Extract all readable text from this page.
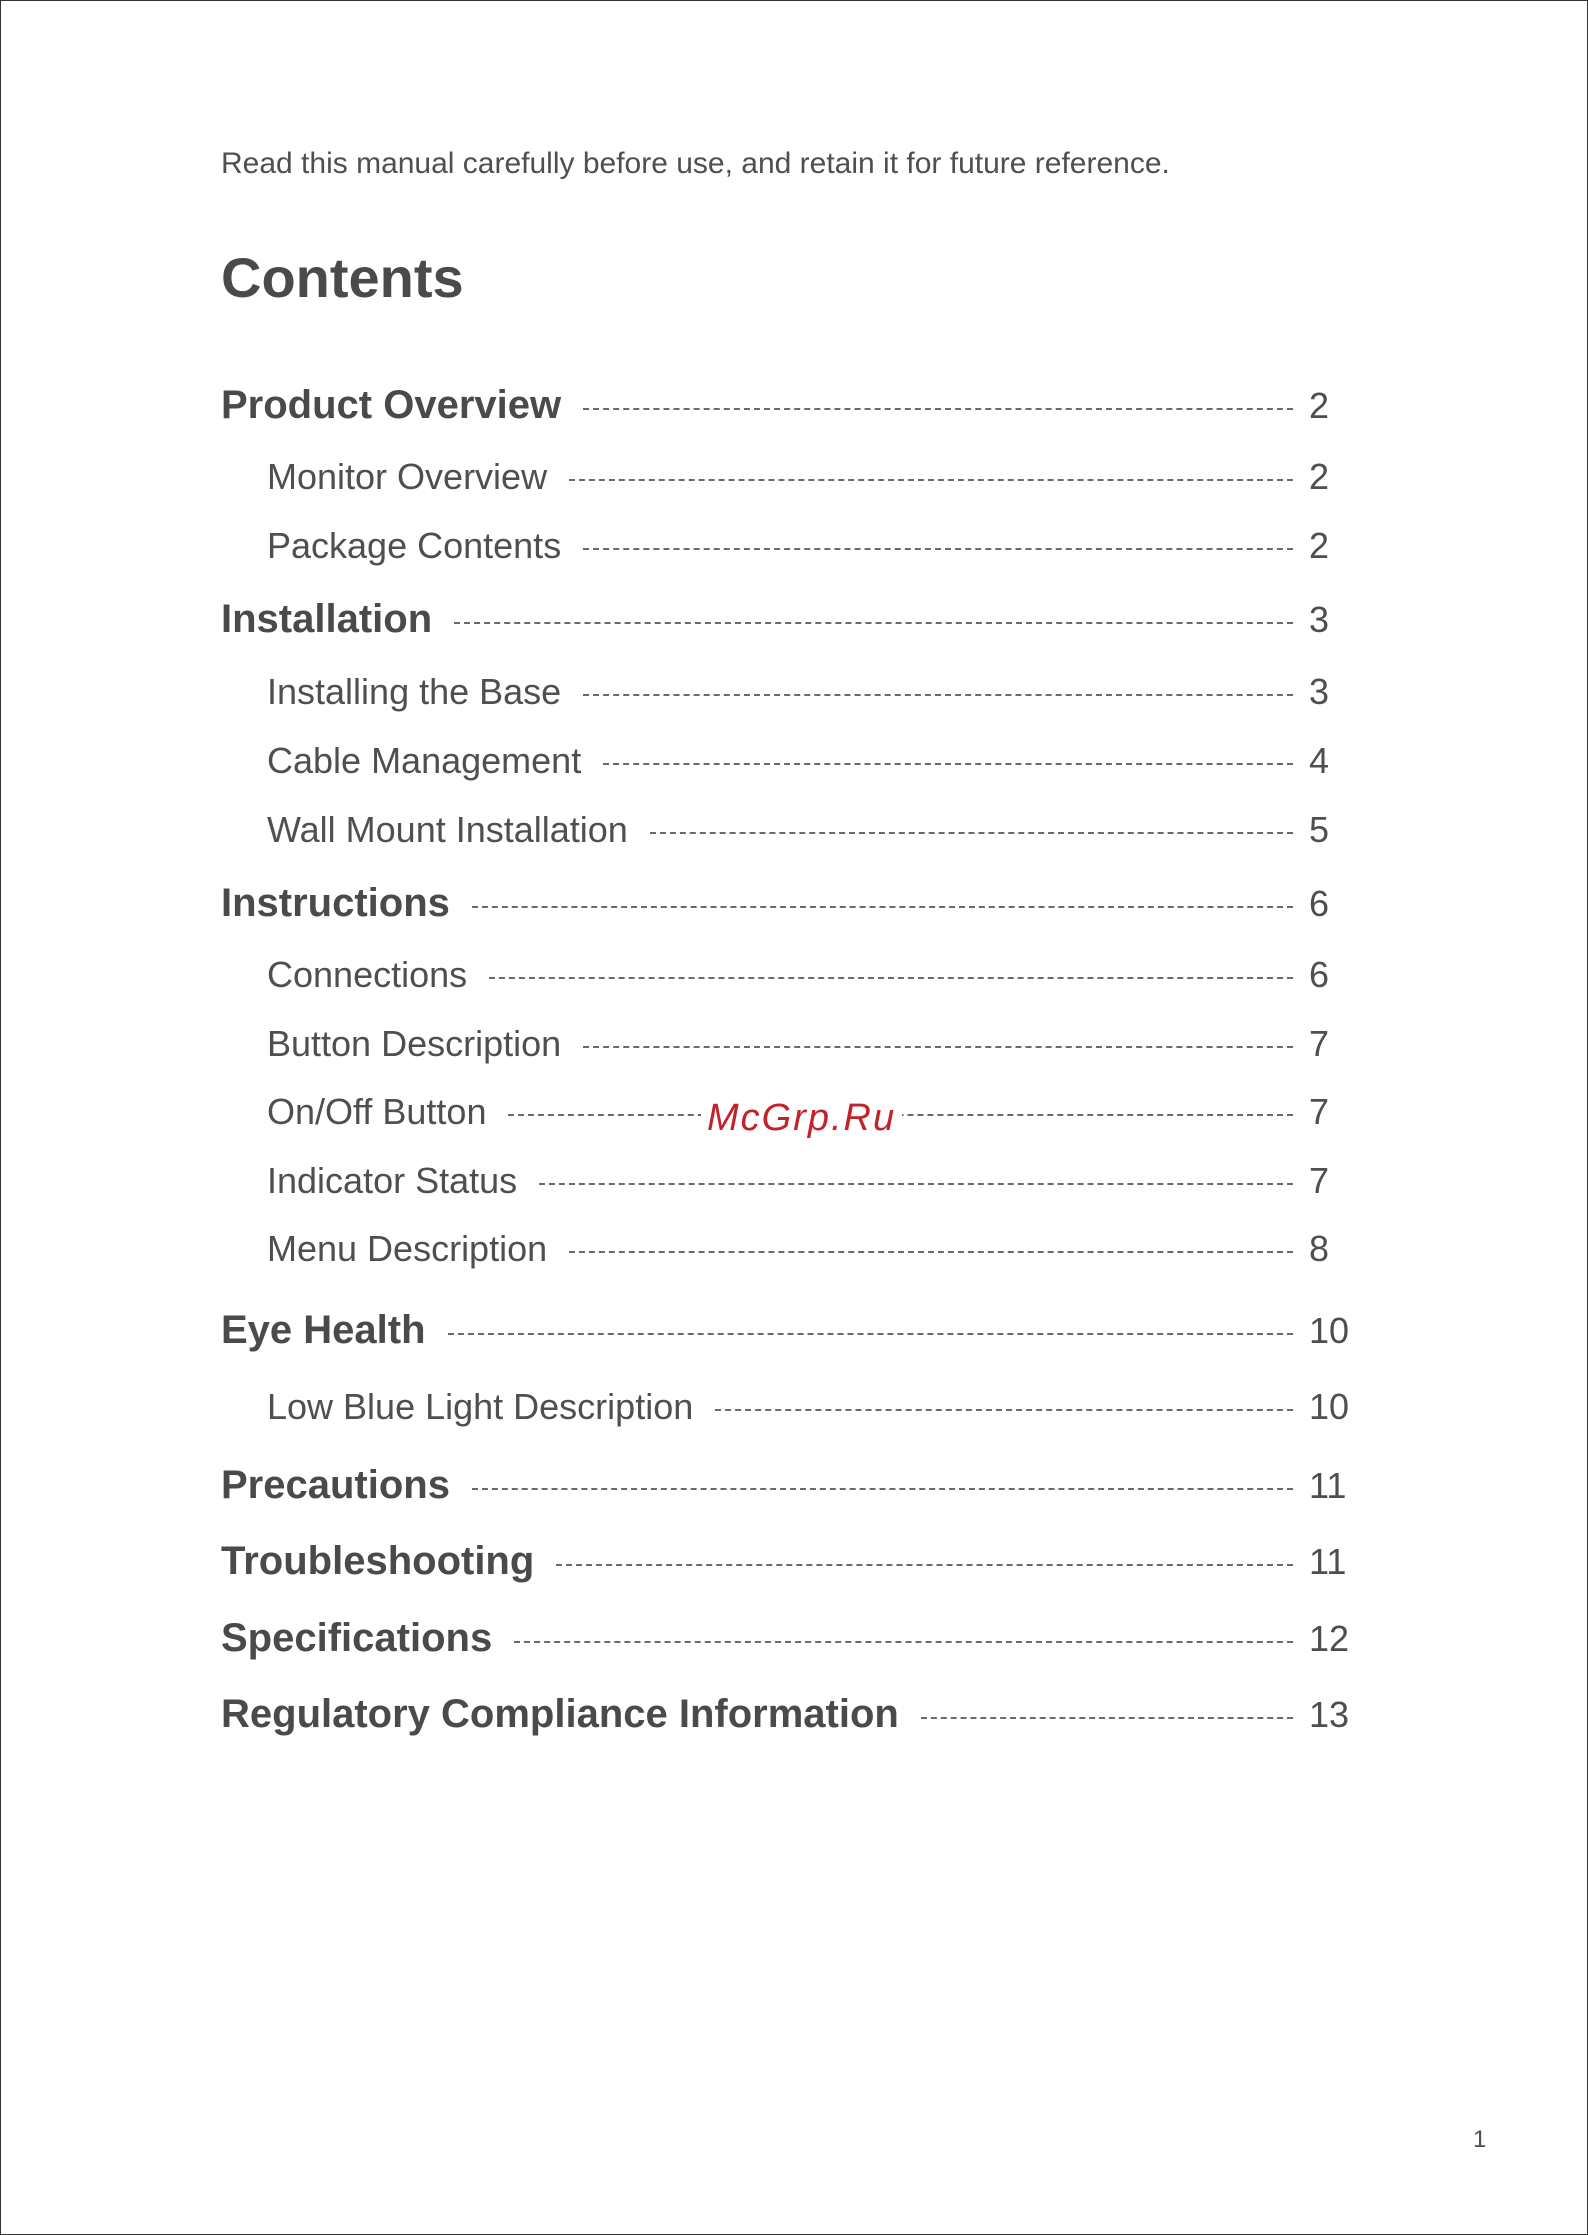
Read this manual carefully before use, and retain it for future reference.
Contents
Product Overview	2
Monitor Overview	2
Package Contents	2
Installation	3
Installing the Base	3
Cable Management	4
Wall Mount Installation	5
Instructions	6
Connections	6
Button Description	7
On/Off Button	7
Indicator Status	7
Menu Description	8
Eye Health	10
Low Blue Light Description	10
Precautions	11
Troubleshooting	11
Specifications	12
Regulatory Compliance Information	13
McGrp.Ru
1
